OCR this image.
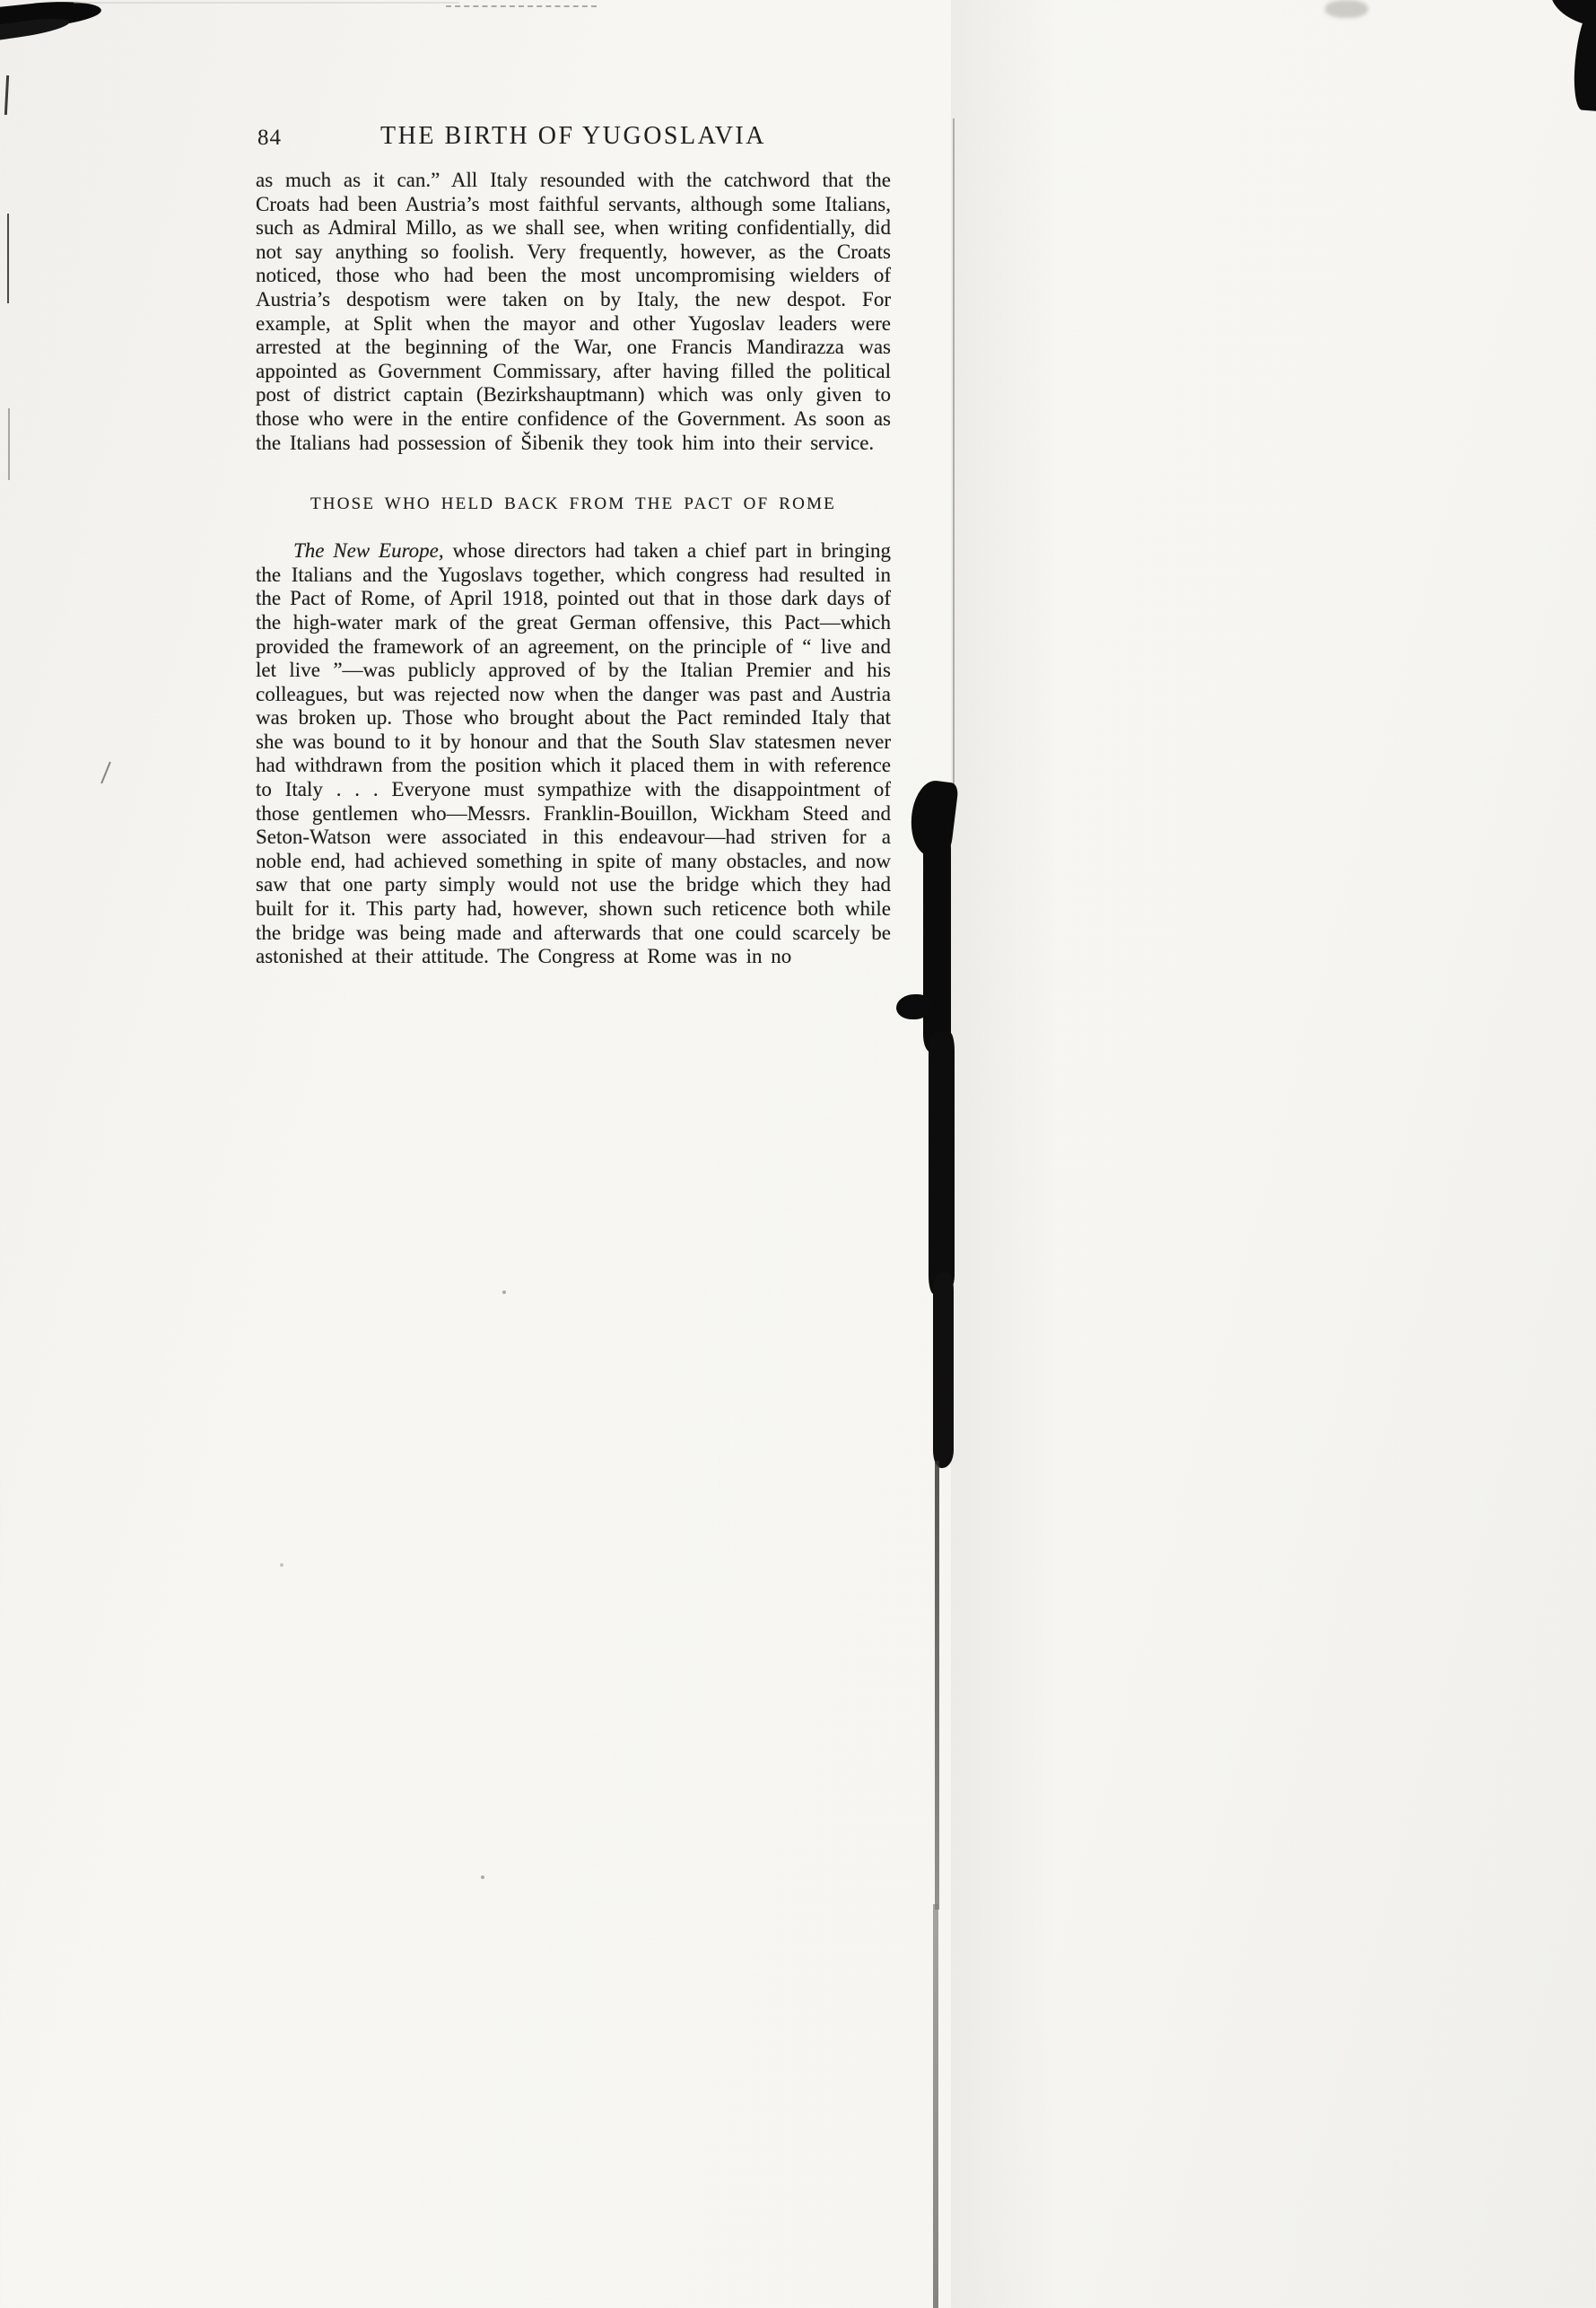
84	THE BIRTH OF YUGOSLAVIA

as much as it can.” All Italy resounded with the catchword that the Croats had been Austria’s most faithful servants, although some Italians, such as Admiral Millo, as we shall see, when writing confidentially, did not say anything so foolish. Very frequently, however, as the Croats noticed, those who had been the most uncompromising wielders of Austria’s despotism were taken on by Italy, the new despot. For example, at Split when the mayor and other Yugoslav leaders were arrested at the beginning of the War, one Francis Mandirazza was appointed as Government Commissary, after having filled the political post of district captain (Bezirkshauptmann) which was only given to those who were in the entire confidence of the Government. As soon as the Italians had possession of Šibenik they took him into their service.

THOSE WHO HELD BACK FROM THE PACT OF ROME

The New Europe, whose directors had taken a chief part in bringing the Italians and the Yugoslavs together, which congress had resulted in the Pact of Rome, of April 1918, pointed out that in those dark days of the high-water mark of the great German offensive, this Pact—which provided the framework of an agreement, on the principle of “ live and let live ”—was publicly approved of by the Italian Premier and his colleagues, but was rejected now when the danger was past and Austria was broken up. Those who brought about the Pact reminded Italy that she was bound to it by honour and that the South Slav statesmen never had withdrawn from the position which it placed them in with reference to Italy . . . Everyone must sympathize with the disappointment of those gentlemen who—Messrs. Franklin-Bouillon, Wickham Steed and Seton-Watson were associated in this endeavour—had striven for a noble end, had achieved something in spite of many obstacles, and now saw that one party simply would not use the bridge which they had built for it. This party had, however, shown such reticence both while the bridge was being made and afterwards that one could scarcely be astonished at their attitude. The Congress at Rome was in no
